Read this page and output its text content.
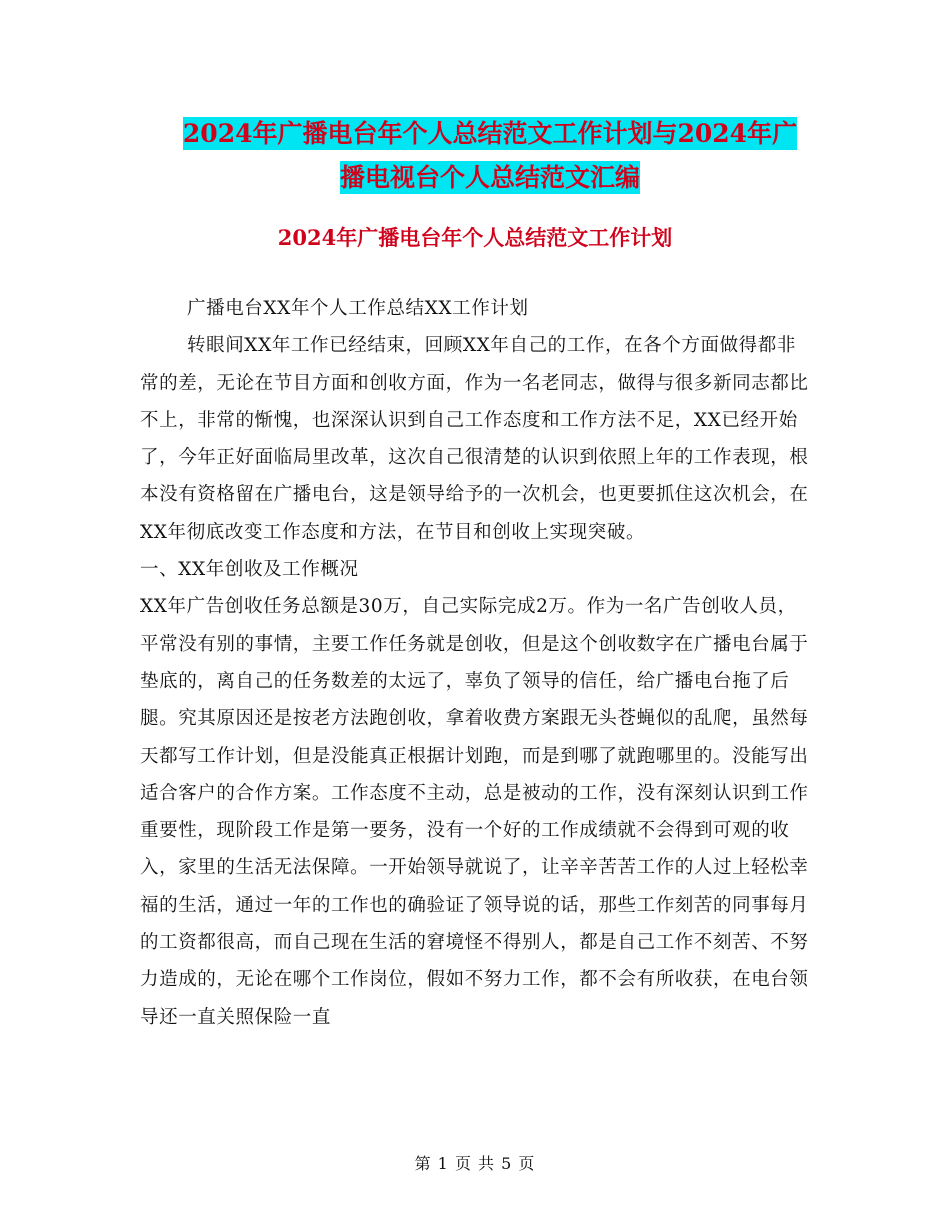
2024年广播电台年个人总结范文工作计划与2024年广
播电视台个人总结范文汇编
2024年广播电台年个人总结范文工作计划

广播电台XX年个人工作总结XX工作计划

转眼间XX年工作已经结束，回顾XX年自己的工作，在各个方面做得都非常的差，无论在节目方面和创收方面，作为一名老同志，做得与很多新同志都比不上，非常的惭愧，也深深认识到自己工作态度和工作方法不足，XX已经开始了，今年正好面临局里改革，这次自己很清楚的认识到依照上年的工作表现，根本没有资格留在广播电台，这是领导给予的一次机会，也更要抓住这次机会，在XX年彻底改变工作态度和方法，在节目和创收上实现突破。

一、XX年创收及工作概况

XX年广告创收任务总额是30万，自己实际完成2万。作为一名广告创收人员，平常没有别的事情，主要工作任务就是创收，但是这个创收数字在广播电台属于垫底的，离自己的任务数差的太远了，辜负了领导的信任，给广播电台拖了后腿。究其原因还是按老方法跑创收，拿着收费方案跟无头苍蝇似的乱爬，虽然每天都写工作计划，但是没能真正根据计划跑，而是到哪了就跑哪里的。没能写出适合客户的合作方案。工作态度不主动，总是被动的工作，没有深刻认识到工作重要性，现阶段工作是第一要务，没有一个好的工作成绩就不会得到可观的收入，家里的生活无法保障。一开始领导就说了，让辛辛苦苦工作的人过上轻松幸福的生活，通过一年的工作也的确验证了领导说的话，那些工作刻苦的同事每月的工资都很高，而自己现在生活的窘境怪不得别人，都是自己工作不刻苦、不努力造成的，无论在哪个工作岗位，假如不努力工作，都不会有所收获，在电台领导还一直关照保险一直

第 1 页 共 5 页
